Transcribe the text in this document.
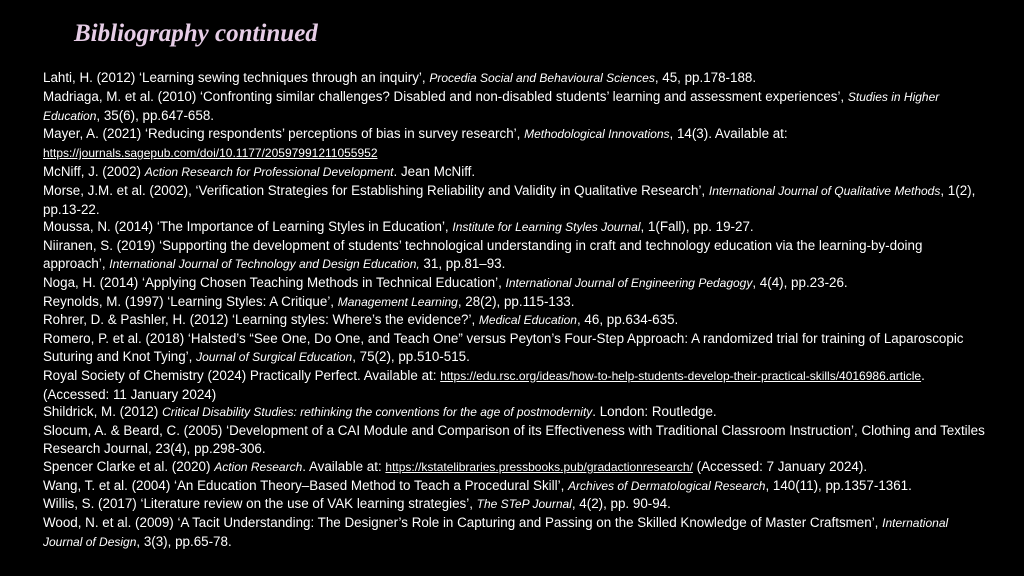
Bibliography continued

Lahti, H. (2012) ‘Learning sewing techniques through an inquiry’, Procedia Social and Behavioural Sciences, 45, pp.178-188.

Madriaga, M. et al. (2010) ‘Confronting similar challenges? Disabled and non-disabled students’ learning and assessment experiences’, Studies in Higher Education, 35(6), pp.647-658.

Mayer, A. (2021) ‘Reducing respondents’ perceptions of bias in survey research’, Methodological Innovations, 14(3). Available at: https://journals.sagepub.com/doi/10.1177/20597991211055952

McNiff, J. (2002) Action Research for Professional Development. Jean McNiff.

Morse, J.M. et al. (2002), ‘Verification Strategies for Establishing Reliability and Validity in Qualitative Research’, International Journal of Qualitative Methods, 1(2), pp.13-22.

Moussa, N. (2014) ‘The Importance of Learning Styles in Education’, Institute for Learning Styles Journal, 1(Fall), pp. 19-27.

Niiranen, S. (2019) ‘Supporting the development of students’ technological understanding in craft and technology education via the learning-by-doing approach’, International Journal of Technology and Design Education, 31, pp.81–93.

Noga, H. (2014) ‘Applying Chosen Teaching Methods in Technical Education’, International Journal of Engineering Pedagogy, 4(4), pp.23-26.

Reynolds, M. (1997) ‘Learning Styles: A Critique’, Management Learning, 28(2), pp.115-133.

Rohrer, D. & Pashler, H. (2012) ‘Learning styles: Where’s the evidence?’, Medical Education, 46, pp.634-635.

Romero, P. et al. (2018) ‘Halsted’s “See One, Do One, and Teach One” versus Peyton’s Four-Step Approach: A randomized trial for training of Laparoscopic Suturing and Knot Tying’, Journal of Surgical Education, 75(2), pp.510-515.

Royal Society of Chemistry (2024) Practically Perfect. Available at: https://edu.rsc.org/ideas/how-to-help-students-develop-their-practical-skills/4016986.article. (Accessed: 11 January 2024)

Shildrick, M. (2012) Critical Disability Studies: rethinking the conventions for the age of postmodernity. London: Routledge.

Slocum, A. & Beard, C. (2005) ‘Development of a CAI Module and Comparison of its Effectiveness with Traditional Classroom Instruction’, Clothing and Textiles Research Journal, 23(4), pp.298-306.

Spencer Clarke et al. (2020) Action Research. Available at: https://kstatelibraries.pressbooks.pub/gradactionresearch/ (Accessed: 7 January 2024).

Wang, T. et al. (2004) ‘An Education Theory–Based Method to Teach a Procedural Skill’, Archives of Dermatological Research, 140(11), pp.1357-1361.

Willis, S. (2017) ‘Literature review on the use of VAK learning strategies’, The STeP Journal, 4(2), pp. 90-94.

Wood, N. et al. (2009) ‘A Tacit Understanding: The Designer’s Role in Capturing and Passing on the Skilled Knowledge of Master Craftsmen’, International Journal of Design, 3(3), pp.65-78.
